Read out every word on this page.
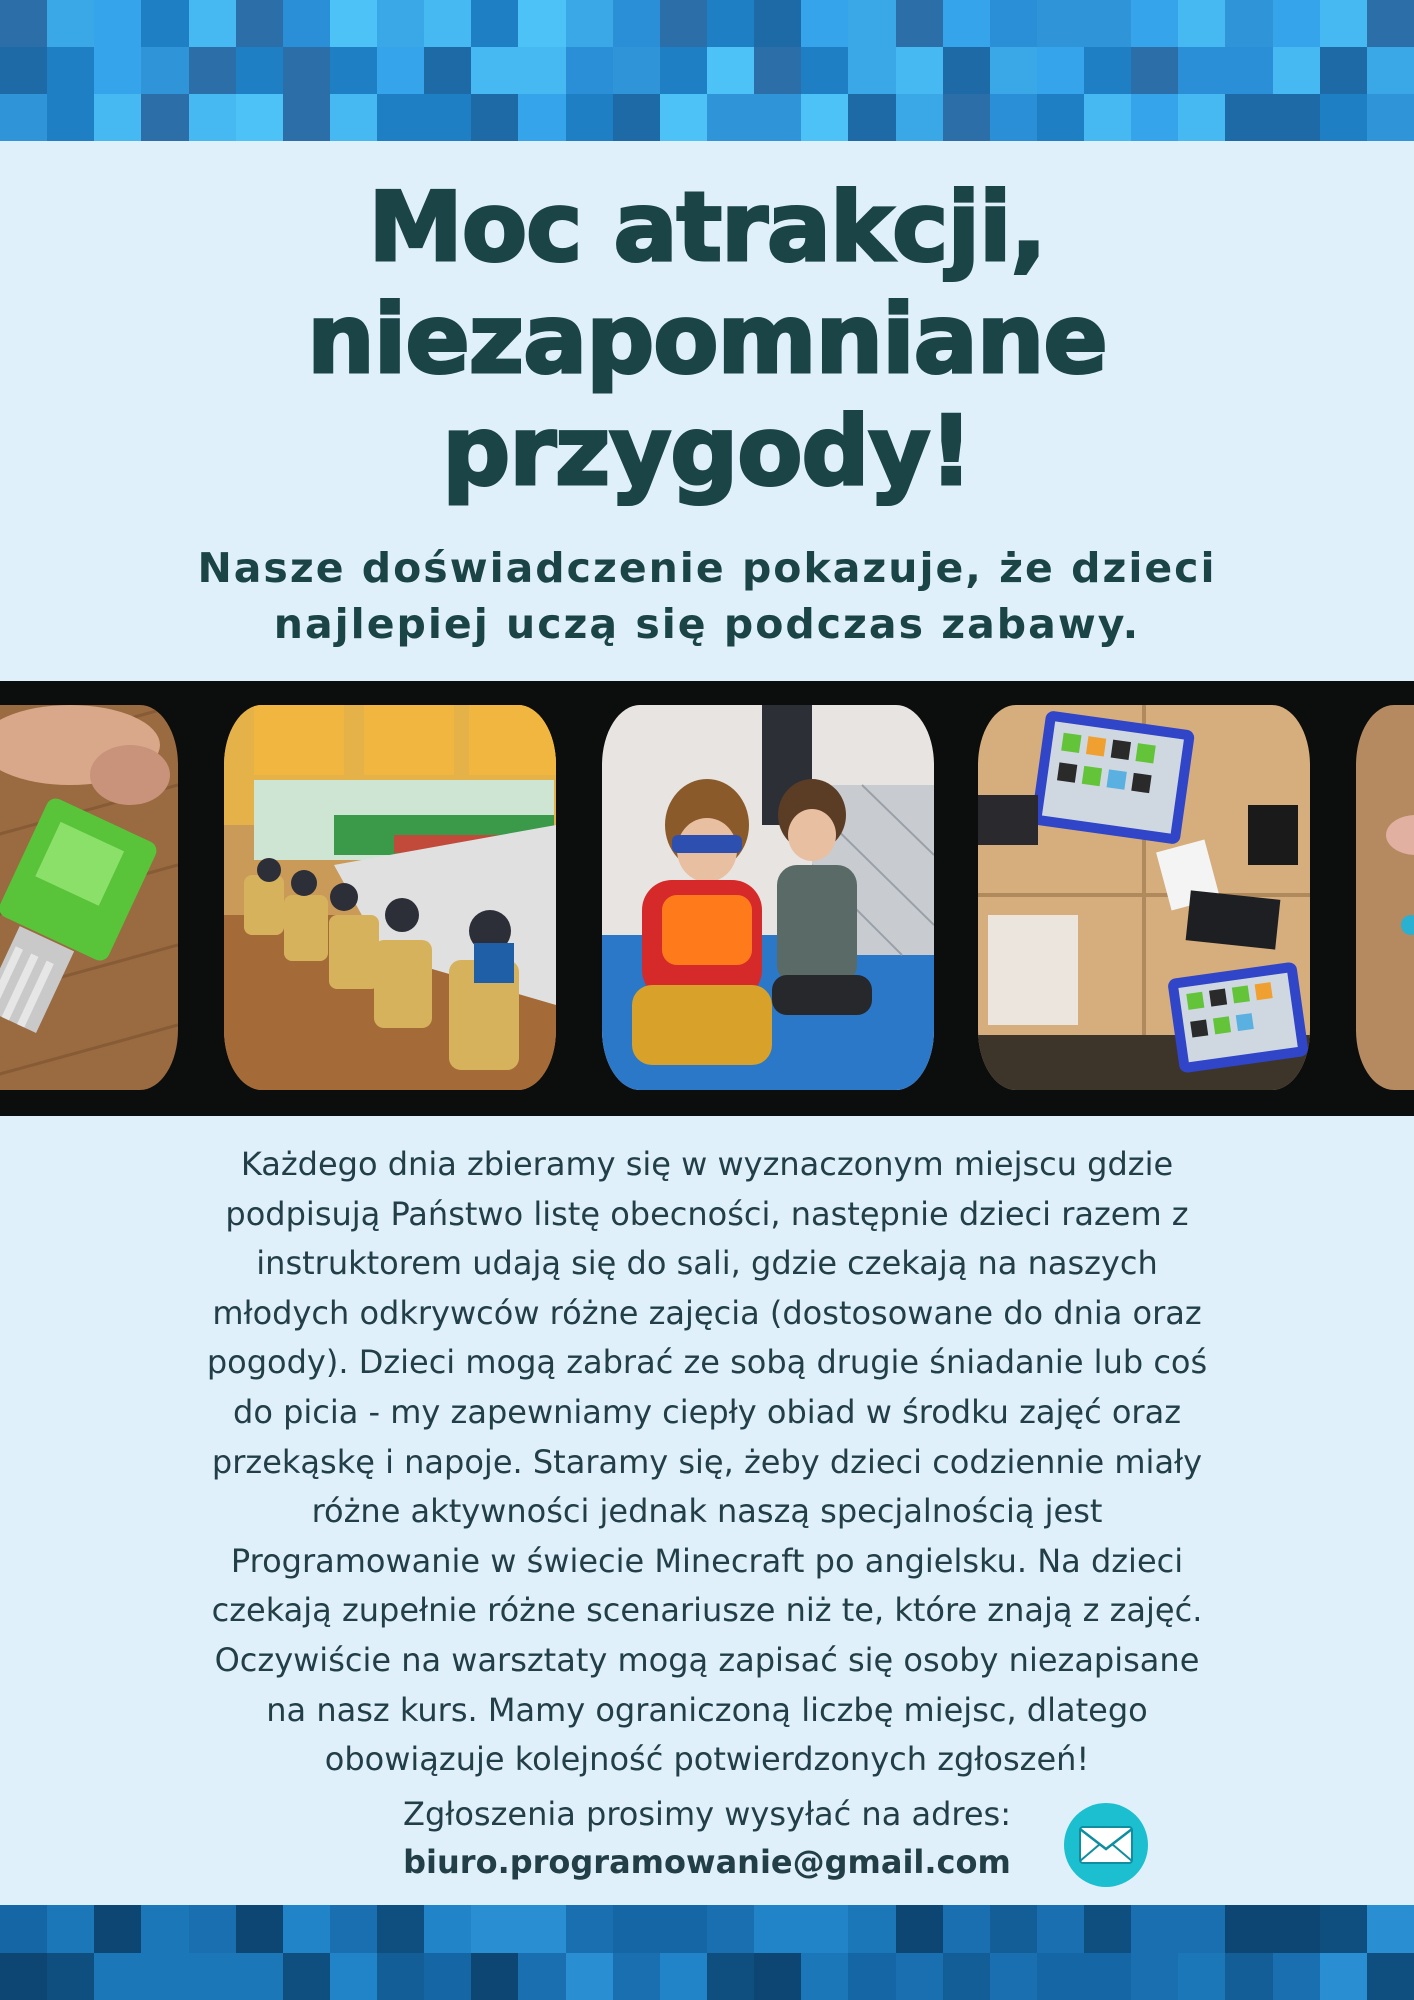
Moc atrakcji,
niezapomniane
przygody!

Nasze doświadczenie pokazuje, że dzieci
najlepiej uczą się podczas zabawy.

Każdego dnia zbieramy się w wyznaczonym miejscu gdzie
podpisują Państwo listę obecności, następnie dzieci razem z
instruktorem udają się do sali, gdzie czekają na naszych
młodych odkrywców różne zajęcia (dostosowane do dnia oraz
pogody). Dzieci mogą zabrać ze sobą drugie śniadanie lub coś
do picia - my zapewniamy ciepły obiad w środku zajęć oraz
przekąskę i napoje. Staramy się, żeby dzieci codziennie miały
różne aktywności jednak naszą specjalnością jest
Programowanie w świecie Minecraft po angielsku. Na dzieci
czekają zupełnie różne scenariusze niż te, które znają z zajęć.
Oczywiście na warsztaty mogą zapisać się osoby niezapisane
na nasz kurs. Mamy ograniczoną liczbę miejsc, dlatego
obowiązuje kolejność potwierdzonych zgłoszeń!

Zgłoszenia prosimy wysyłać na adres:
biuro.programowanie@gmail.com
